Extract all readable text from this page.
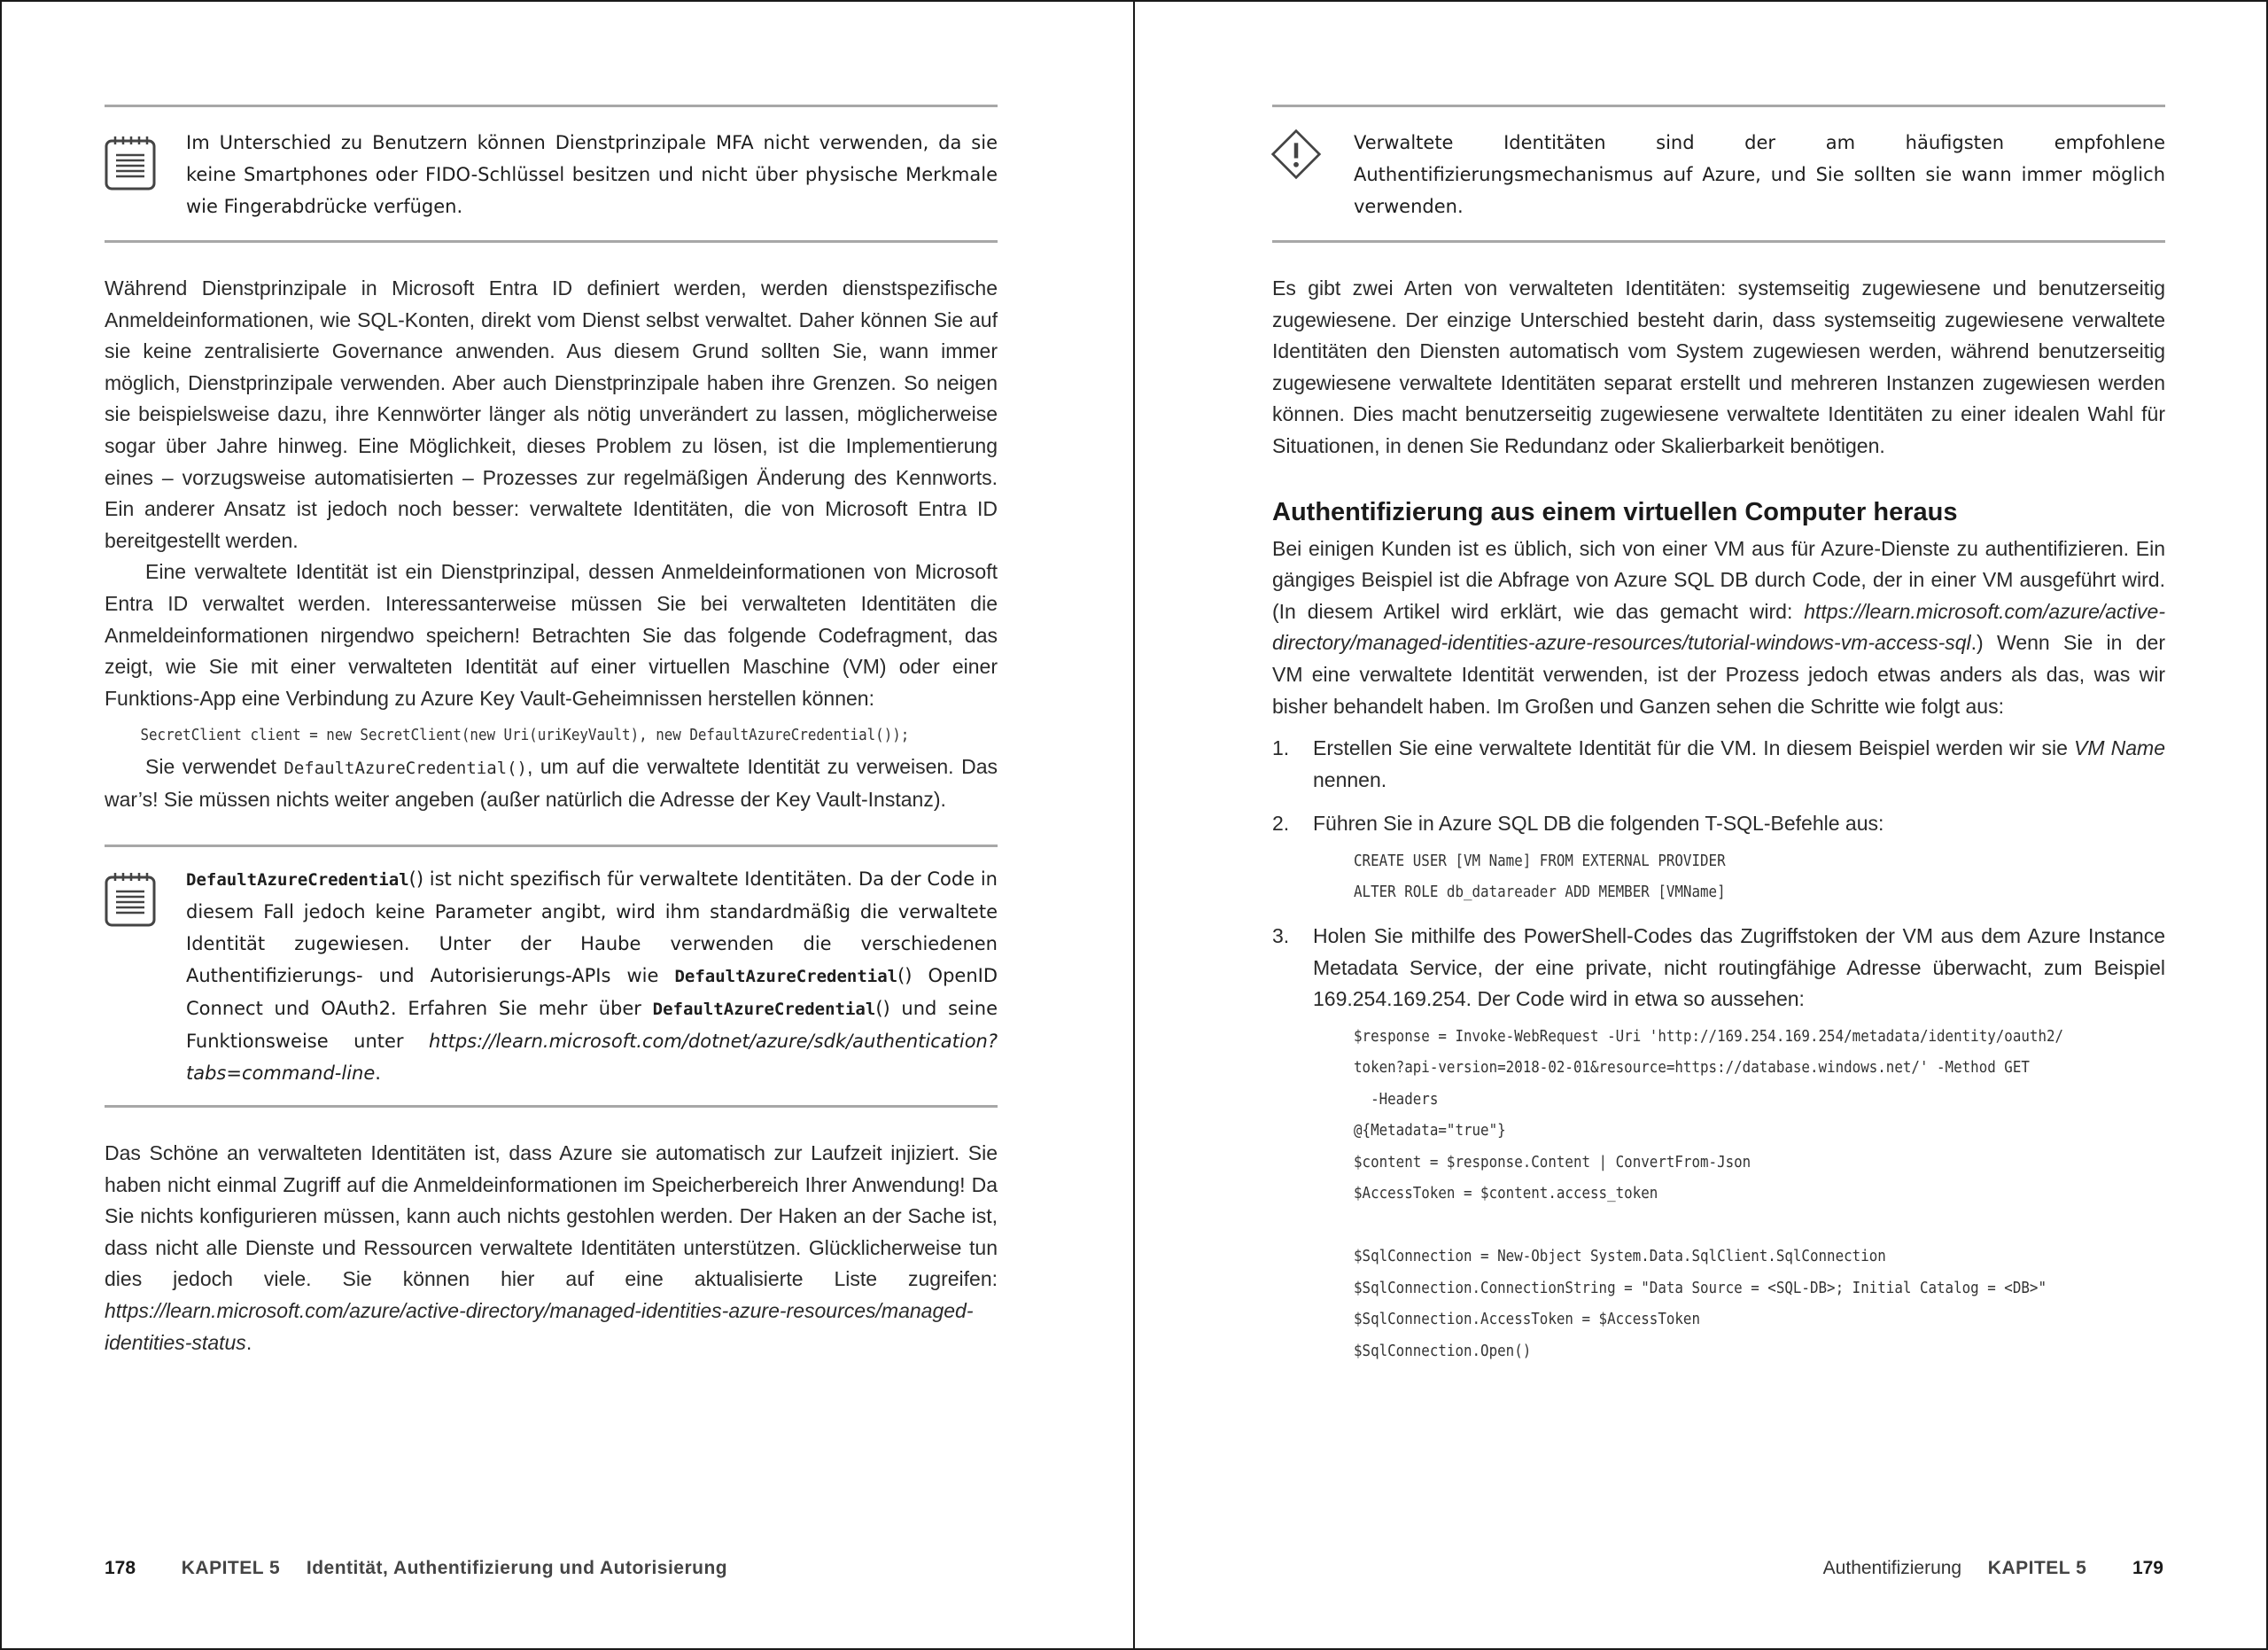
Im Unterschied zu Benutzern können Dienstprinzipale MFA nicht verwenden, da sie keine Smartphones oder FIDO-Schlüssel besitzen und nicht über physische Merkmale wie Fingerabdrücke verfügen.

Während Dienstprinzipale in Microsoft Entra ID definiert werden, werden dienstspezifische Anmeldeinformationen, wie SQL-Konten, direkt vom Dienst selbst verwaltet. Daher können Sie auf sie keine zentralisierte Governance anwenden. Aus diesem Grund sollten Sie, wann immer möglich, Dienstprinzipale verwenden. Aber auch Dienstprinzipale haben ihre Grenzen. So neigen sie beispielsweise dazu, ihre Kennwörter länger als nötig unverändert zu lassen, möglicherweise sogar über Jahre hinweg. Eine Möglichkeit, dieses Problem zu lösen, ist die Implementierung eines – vorzugsweise automatisierten – Prozesses zur regelmäßigen Änderung des Kennworts. Ein anderer Ansatz ist jedoch noch besser: verwaltete Identitäten, die von Microsoft Entra ID bereitgestellt werden.

Eine verwaltete Identität ist ein Dienstprinzipal, dessen Anmeldeinformationen von Microsoft Entra ID verwaltet werden. Interessanterweise müssen Sie bei verwalteten Identitäten die Anmeldeinformationen nirgendwo speichern! Betrachten Sie das folgende Codefragment, das zeigt, wie Sie mit einer verwalteten Identität auf einer virtuellen Maschine (VM) oder einer Funktions-App eine Verbindung zu Azure Key Vault-Geheimnissen herstellen können:

SecretClient client = new SecretClient(new Uri(uriKeyVault), new DefaultAzureCredential());

Sie verwendet DefaultAzureCredential(), um auf die verwaltete Identität zu verweisen. Das war’s! Sie müssen nichts weiter angeben (außer natürlich die Adresse der Key Vault-Instanz).

DefaultAzureCredential() ist nicht spezifisch für verwaltete Identitäten. Da der Code in diesem Fall jedoch keine Parameter angibt, wird ihm standardmäßig die verwaltete Identität zugewiesen. Unter der Haube verwenden die verschiedenen Authentifizierungs- und Autorisierungs-APIs wie DefaultAzureCredential() OpenID Connect und OAuth2. Erfahren Sie mehr über DefaultAzureCredential() und seine Funktionsweise unter https://learn.microsoft.com/dotnet/azure/sdk/authentication?tabs=command-line.

Das Schöne an verwalteten Identitäten ist, dass Azure sie automatisch zur Laufzeit injiziert. Sie haben nicht einmal Zugriff auf die Anmeldeinformationen im Speicherbereich Ihrer Anwendung! Da Sie nichts konfigurieren müssen, kann auch nichts gestohlen werden. Der Haken an der Sache ist, dass nicht alle Dienste und Ressourcen verwaltete Identitäten unterstützen. Glücklicherweise tun dies jedoch viele. Sie können hier auf eine aktualisierte Liste zugreifen: https://learn.microsoft.com/azure/active-directory/managed-identities-azure-resources/managed-identities-status.

178 KAPITEL 5 Identität, Authentifizierung und Autorisierung
Verwaltete Identitäten sind der am häufigsten empfohlene Authentifizierungsmechanismus auf Azure, und Sie sollten sie wann immer möglich verwenden.

Es gibt zwei Arten von verwalteten Identitäten: systemseitig zugewiesene und benutzerseitig zugewiesene. Der einzige Unterschied besteht darin, dass systemseitig zugewiesene verwaltete Identitäten den Diensten automatisch vom System zugewiesen werden, während benutzerseitig zugewiesene verwaltete Identitäten separat erstellt und mehreren Instanzen zugewiesen werden können. Dies macht benutzerseitig zugewiesene verwaltete Identitäten zu einer idealen Wahl für Situationen, in denen Sie Redundanz oder Skalierbarkeit benötigen.

Authentifizierung aus einem virtuellen Computer heraus

Bei einigen Kunden ist es üblich, sich von einer VM aus für Azure-Dienste zu authentifizieren. Ein gängiges Beispiel ist die Abfrage von Azure SQL DB durch Code, der in einer VM ausgeführt wird. (In diesem Artikel wird erklärt, wie das gemacht wird: https://learn.microsoft.com/azure/active-directory/managed-identities-azure-resources/tutorial-windows-vm-access-sql.) Wenn Sie in der VM eine verwaltete Identität verwenden, ist der Prozess jedoch etwas anders als das, was wir bisher behandelt haben. Im Großen und Ganzen sehen die Schritte wie folgt aus:

1. Erstellen Sie eine verwaltete Identität für die VM. In diesem Beispiel werden wir sie VM Name nennen.

2. Führen Sie in Azure SQL DB die folgenden T-SQL-Befehle aus:

CREATE USER [VM Name] FROM EXTERNAL PROVIDER

ALTER ROLE db_datareader ADD MEMBER [VMName]

3. Holen Sie mithilfe des PowerShell-Codes das Zugriffstoken der VM aus dem Azure Instance Metadata Service, der eine private, nicht routingfähige Adresse überwacht, zum Beispiel 169.254.169.254. Der Code wird in etwa so aussehen:

$response = Invoke-WebRequest -Uri 'http://169.254.169.254/metadata/identity/oauth2/

token?api-version=2018-02-01&resource=https://database.windows.net/' -Method GET

-Headers

@{Metadata="true"}

$content = $response.Content | ConvertFrom-Json

$AccessToken = $content.access_token

$SqlConnection = New-Object System.Data.SqlClient.SqlConnection

$SqlConnection.ConnectionString = "Data Source = <SQL-DB>; Initial Catalog = <DB>"

$SqlConnection.AccessToken = $AccessToken

$SqlConnection.Open()

Authentifizierung KAPITEL 5 179
